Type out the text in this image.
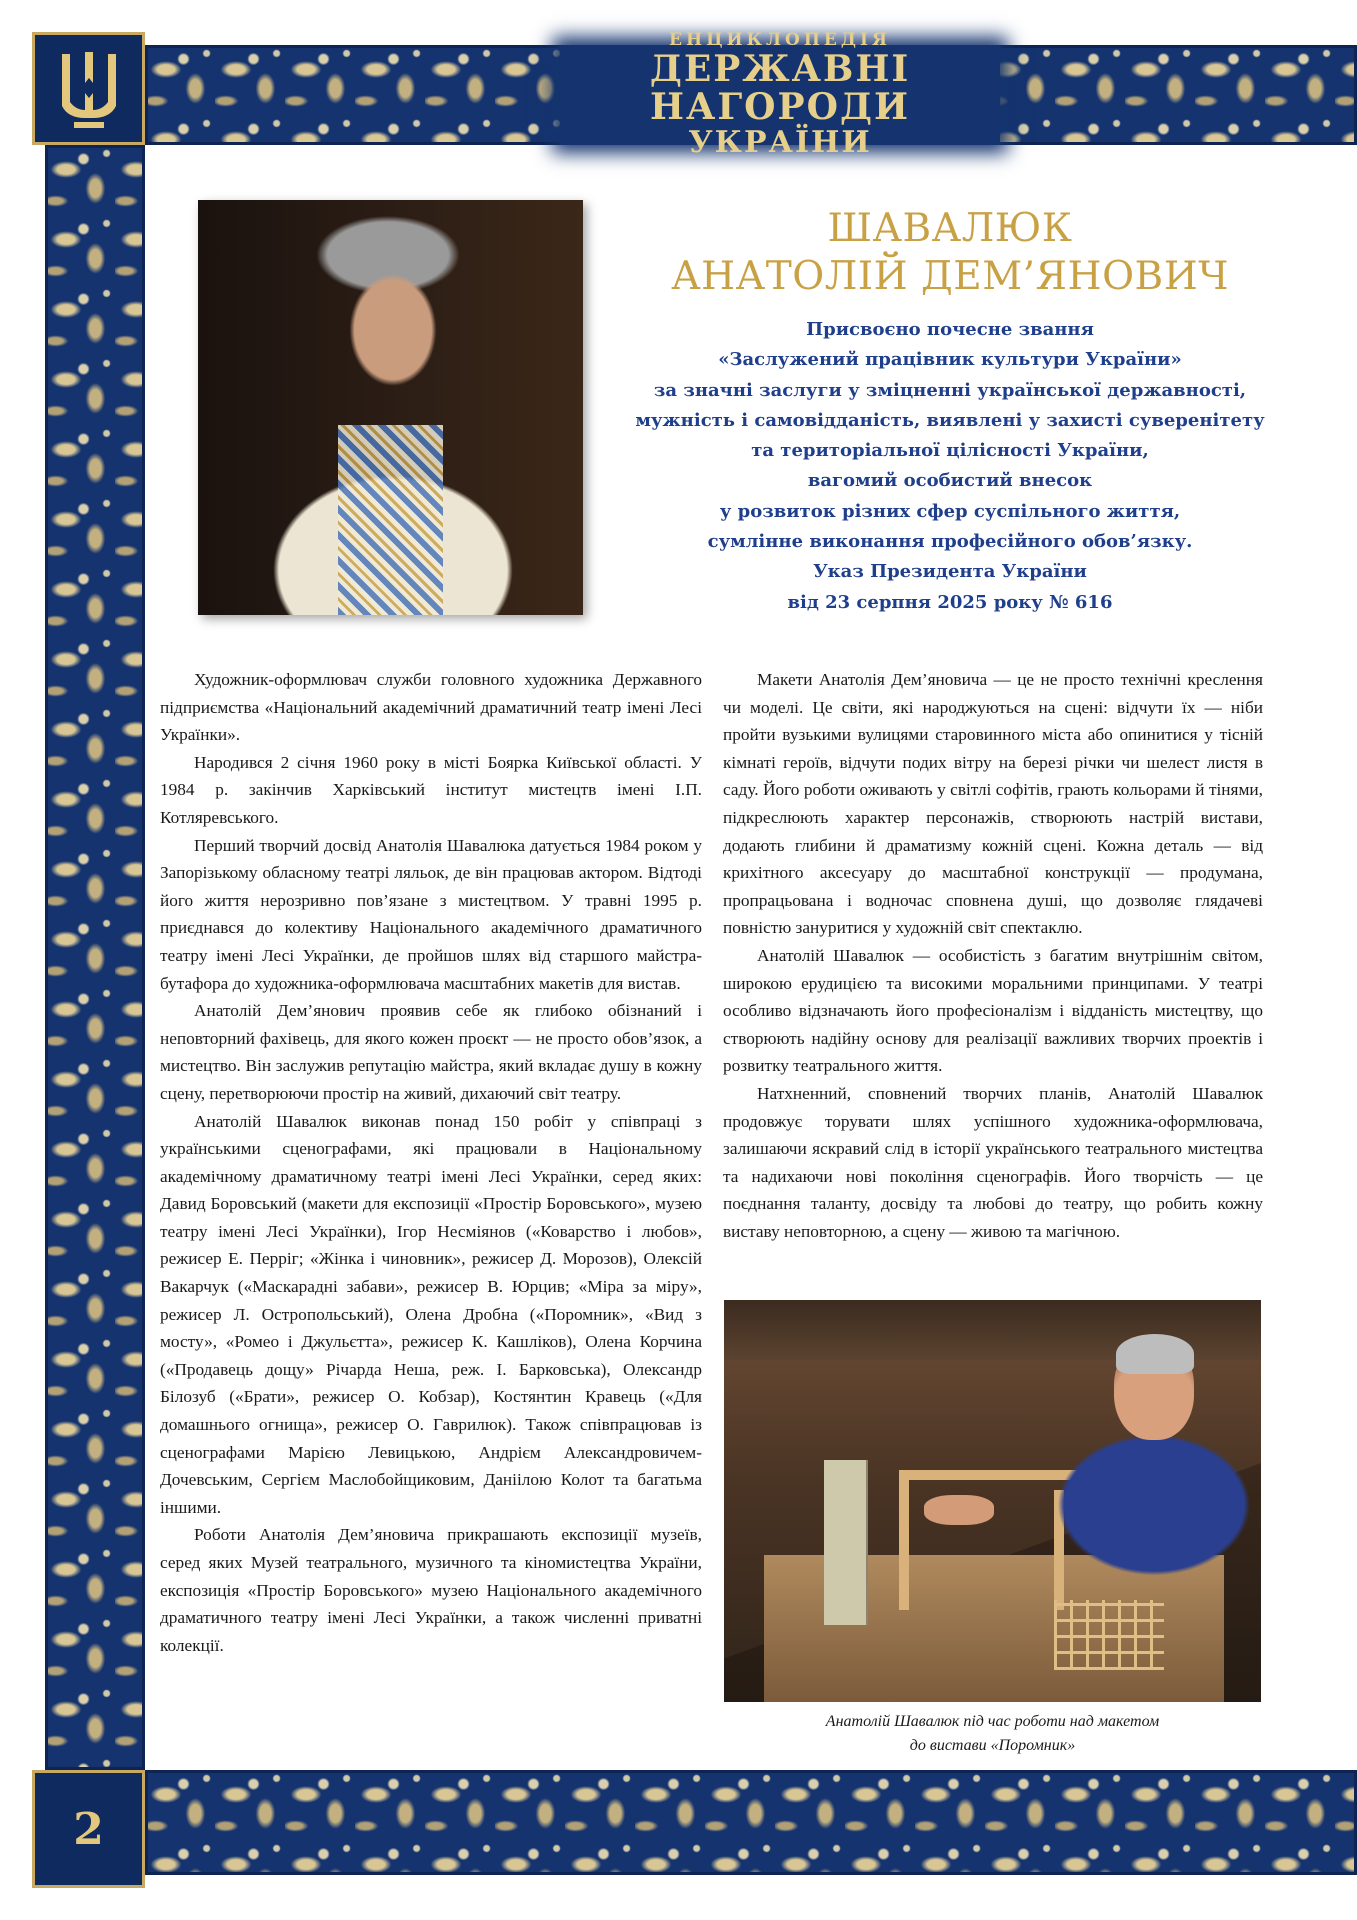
ЕНЦИКЛОПЕДІЯ
ДЕРЖАВНІ НАГОРОДИ
УКРАЇНИ
2
ШАВАЛЮК
АНАТОЛІЙ ДЕМ’ЯНОВИЧ
Присвоєно почесне звання
«Заслужений працівник культури України»
за значні заслуги у зміцненні української державності,
мужність і самовідданість, виявлені у захисті суверенітету
та територіальної цілісності України,
вагомий особистий внесок
у розвиток різних сфер суспільного життя,
сумлінне виконання професійного обов’язку.
Указ Президента України
від 23 серпня 2025 року № 616

Художник-оформлювач служби головного художника Державного підприємства «Національний академічний драматичний театр імені Лесі Українки».

Народився 2 січня 1960 року в місті Боярка Київської області. У 1984 р. закінчив Харківський інститут мистецтв імені І.П. Котляревського.

Перший творчий досвід Анатолія Шавалюка датується 1984 роком у Запорізькому обласному театрі ляльок, де він працював актором. Відтоді його життя нерозривно пов’язане з мистецтвом. У травні 1995 р. приєднався до колективу Національного академічного драматичного театру імені Лесі Українки, де пройшов шлях від старшого майстра-бутафора до художника-оформлювача масштабних макетів для вистав.

Анатолій Дем’янович проявив себе як глибоко обізнаний і неповторний фахівець, для якого кожен проєкт — не просто обов’язок, а мистецтво. Він заслужив репутацію майстра, який вкладає душу в кожну сцену, перетворюючи простір на живий, дихаючий світ театру.

Анатолій Шавалюк виконав понад 150 робіт у співпраці з українськими сценографами, які працювали в Національному академічному драматичному театрі імені Лесі Українки, серед яких: Давид Боровський (макети для експозиції «Простір Боровського», музею театру імені Лесі Українки), Ігор Несміянов («Коварство і любов», режисер Е. Перріг; «Жінка і чиновник», режисер Д. Морозов), Олексій Вакарчук («Маскарадні забави», режисер В. Юрцив; «Міра за міру», режисер Л. Остропольський), Олена Дробна («Поромник», «Вид з мосту», «Ромео і Джульєтта», режисер К. Кашліков), Олена Корчина («Продавець дощу» Річарда Неша, реж. І. Барковська), Олександр Білозуб («Брати», режисер О. Кобзар), Костянтин Кравець («Для домашнього огнища», режисер О. Гаврилюк). Також співпрацював із сценографами Марією Левицькою, Андрієм Александровичем-Дочевським, Сергієм Маслобойщиковим, Даніілою Колот та багатьма іншими.

Роботи Анатолія Дем’яновича прикрашають експозиції музеїв, серед яких Музей театрального, музичного та кіномистецтва України, експозиція «Простір Боровського» музею Національного академічного драматичного театру імені Лесі Українки, а також численні приватні колекції.

Макети Анатолія Дем’яновича — це не просто технічні креслення чи моделі. Це світи, які народжуються на сцені: відчути їх — ніби пройти вузькими вулицями старовинного міста або опинитися у тісній кімнаті героїв, відчути подих вітру на березі річки чи шелест листя в саду. Його роботи оживають у світлі софітів, грають кольорами й тінями, підкреслюють характер персонажів, створюють настрій вистави, додають глибини й драматизму кожній сцені. Кожна деталь — від крихітного аксесуару до масштабної конструкції — продумана, пропрацьована і водночас сповнена душі, що дозволяє глядачеві повністю зануритися у художній світ спектаклю.

Анатолій Шавалюк — особистість з багатим внутрішнім світом, широкою ерудицією та високими моральними принципами. У театрі особливо відзначають його професіоналізм і відданість мистецтву, що створюють надійну основу для реалізації важливих творчих проектів і розвитку театрального життя.

Натхненний, сповнений творчих планів, Анатолій Шавалюк продовжує торувати шлях успішного художника-оформлювача, залишаючи яскравий слід в історії українського театрального мистецтва та надихаючи нові покоління сценографів. Його творчість — це поєднання таланту, досвіду та любові до театру, що робить кожну виставу неповторною, а сцену — живою та магічною.

Анатолій Шавалюк під час роботи над макетом
до вистави «Поромник»
